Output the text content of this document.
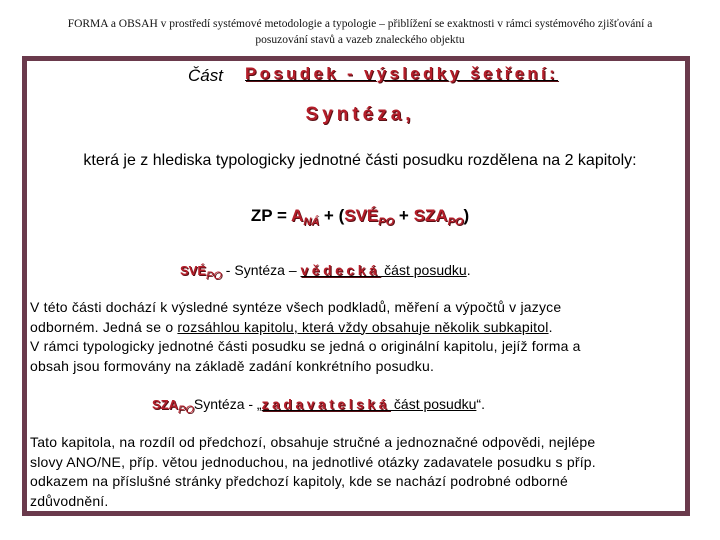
FORMA a OBSAH v prostředí systémové metodologie a typologie – přiblížení se exaktnosti v rámci systémového zjišťování a
posuzování stavů a vazeb znaleckého objektu
Část Posudek - výsledky šetření:
Syntéza,
která je z hlediska typologicky jednotné části posudku rozdělena na 2 kapitoly:
ZP = $A_{NÁ}$ + $(SVÉ_{PO} + SZA_{PO})$
$SVÉ_{PO}$ - Syntéza – vědecká část posudku.
V této části dochází k výsledné syntéze všech podkladů, měření a výpočtů v jazyce
odborném. Jedná se o rozsáhlou kapitolu, která vždy obsahuje několik subkapitol.
V rámci typologicky jednotné části posudku se jedná o originální kapitolu, jejíž forma a
obsah jsou formovány na základě zadání konkrétního posudku.
$SZA_{PO}Syntéza$ - „zadavatelská část posudku“.
Tato kapitola, na rozdíl od předchozí, obsahuje stručné a jednoznačné odpovědi, nejlépe
slovy ANO/NE, příp. větou jednoduchou, na jednotlivé otázky zadavatele posudku s příp.
odkazem na příslušné stránky předchozí kapitoly, kde se nachází podrobné odborné
zdůvodnění.
